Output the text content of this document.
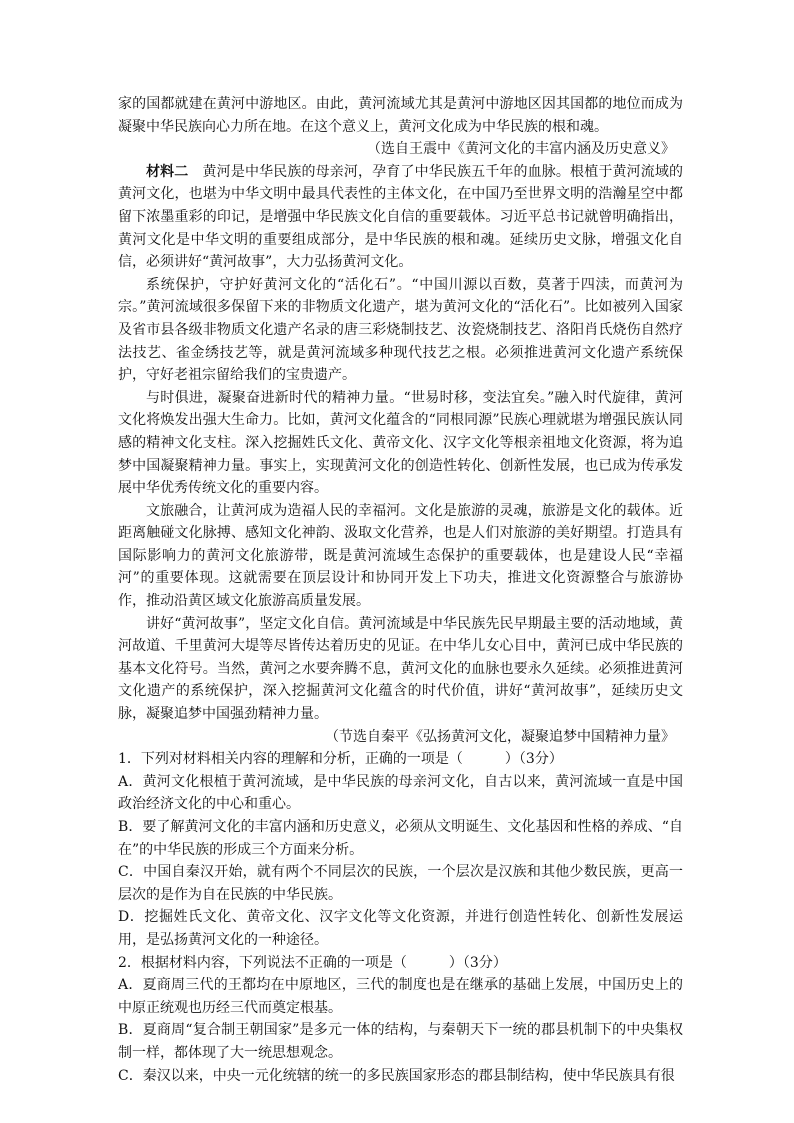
家的国都就建在黄河中游地区。由此，黄河流域尤其是黄河中游地区因其国都的地位而成为凝聚中华民族向心力所在地。在这个意义上，黄河文化成为中华民族的根和魂。

（选自王震中《黄河文化的丰富内涵及历史意义》

材料二　 黄河是中华民族的母亲河，孕育了中华民族五千年的血脉。根植于黄河流域的黄河文化，也堪为中华文明中最具代表性的主体文化，在中国乃至世界文明的浩瀚星空中都留下浓墨重彩的印记，是增强中华民族文化自信的重要载体。习近平总书记就曾明确指出，黄河文化是中华文明的重要组成部分，是中华民族的根和魂。延续历史文脉，增强文化自信，必须讲好“黄河故事”，大力弘扬黄河文化。

系统保护，守护好黄河文化的“活化石”。“中国川源以百数，莫著于四渎，而黄河为宗。”黄河流域很多保留下来的非物质文化遗产，堪为黄河文化的“活化石”。比如被列入国家及省市县各级非物质文化遗产名录的唐三彩烧制技艺、汝瓷烧制技艺、洛阳肖氏烧伤自然疗法技艺、雀金绣技艺等，就是黄河流域多种现代技艺之根。必须推进黄河文化遗产系统保护，守好老祖宗留给我们的宝贵遗产。

与时俱进，凝聚奋进新时代的精神力量。“世易时移，变法宜矣。”融入时代旋律，黄河文化将焕发出强大生命力。比如，黄河文化蕴含的“同根同源”民族心理就堪为增强民族认同感的精神文化支柱。深入挖掘姓氏文化、黄帝文化、汉字文化等根亲祖地文化资源，将为追梦中国凝聚精神力量。事实上，实现黄河文化的创造性转化、创新性发展，也已成为传承发展中华优秀传统文化的重要内容。

文旅融合，让黄河成为造福人民的幸福河。文化是旅游的灵魂，旅游是文化的载体。近距离触碰文化脉搏、感知文化神韵、汲取文化营养，也是人们对旅游的美好期望。打造具有国际影响力的黄河文化旅游带，既是黄河流域生态保护的重要载体，也是建设人民“幸福河”的重要体现。这就需要在顶层设计和协同开发上下功夫，推进文化资源整合与旅游协作，推动沿黄区域文化旅游高质量发展。

讲好“黄河故事”，坚定文化自信。黄河流域是中华民族先民早期最主要的活动地域，黄河故道、千里黄河大堤等尽皆传达着历史的见证。在中华儿女心目中，黄河已成中华民族的基本文化符号。当然，黄河之水要奔腾不息，黄河文化的血脉也要永久延续。必须推进黄河文化遗产的系统保护，深入挖掘黄河文化蕴含的时代价值，讲好“黄河故事”，延续历史文脉，凝聚追梦中国强劲精神力量。

（节选自秦平《弘扬黄河文化，凝聚追梦中国精神力量》

1．下列对材料相关内容的理解和分析，正确的一项是（　　　）（3分）

A．黄河文化根植于黄河流域，是中华民族的母亲河文化，自古以来，黄河流域一直是中国政治经济文化的中心和重心。

B．要了解黄河文化的丰富内涵和历史意义，必须从文明诞生、文化基因和性格的养成、“自在”的中华民族的形成三个方面来分析。

C．中国自秦汉开始，就有两个不同层次的民族，一个层次是汉族和其他少数民族，更高一层次的是作为自在民族的中华民族。

D．挖掘姓氏文化、黄帝文化、汉字文化等文化资源，并进行创造性转化、创新性发展运用，是弘扬黄河文化的一种途径。

2．根据材料内容，下列说法不正确的一项是（　　　）（3分）

A．夏商周三代的王都均在中原地区，三代的制度也是在继承的基础上发展，中国历史上的中原正统观也历经三代而奠定根基。

B．夏商周“复合制王朝国家”是多元一体的结构，与秦朝天下一统的郡县机制下的中央集权制一样，都体现了大一统思想观念。

C．秦汉以来，中央一元化统辖的统一的多民族国家形态的郡县制结构，使中华民族具有很
